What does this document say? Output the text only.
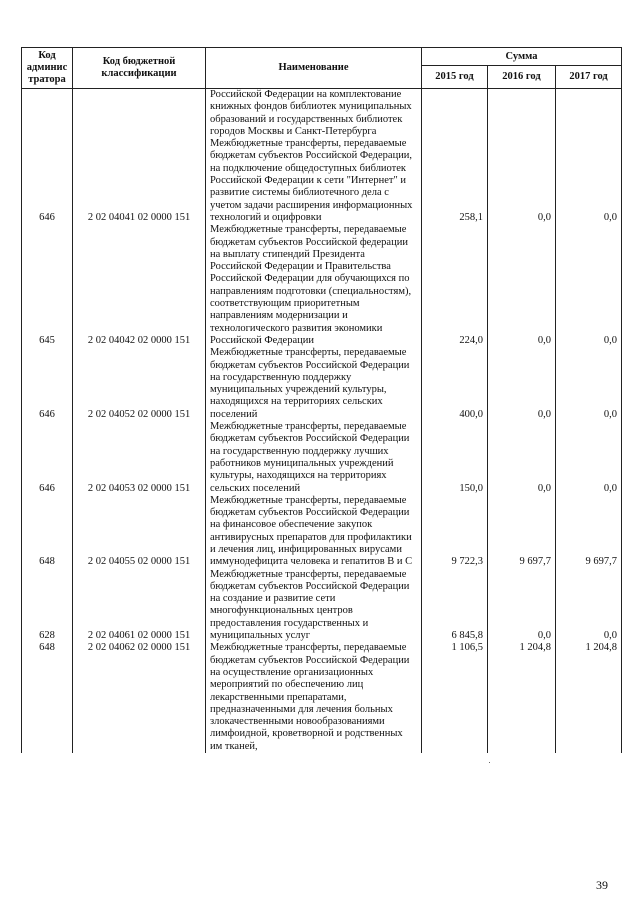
Код админис тратора	Код бюджетной классификации	Наименование	Сумма		
			2015 год	2016 год	2017 год
		Российской Федерации на комплектование книжных фондов библиотек муниципальных образований и государственных библиотек городов Москвы и Санкт-Петербурга			
646	2 02 04041 02 0000 151	Межбюджетные трансферты, передаваемые бюджетам субъектов Российской Федерации, на подключение общедоступных библиотек Российской Федерации к сети "Интернет" и развитие системы библиотечного дела с учетом задачи расширения информационных технологий и оцифровки	258,1	0,0	0,0
645	2 02 04042 02 0000 151	Межбюджетные трансферты, передаваемые бюджетам субъектов Российской федерации на выплату стипендий Президента Российской Федерации и Правительства Российской Федерации для обучающихся по направлениям подготовки (специальностям), соответствующим приоритетным направлениям модернизации и технологического развития экономики Российской Федерации	224,0	0,0	0,0
646	2 02 04052 02 0000 151	Межбюджетные трансферты, передаваемые бюджетам субъектов Российской Федерации на государственную поддержку муниципальных учреждений культуры, находящихся на территориях сельских поселений	400,0	0,0	0,0
646	2 02 04053 02 0000 151	Межбюджетные трансферты, передаваемые бюджетам субъектов Российской Федерации на государственную поддержку лучших работников муниципальных учреждений культуры, находящихся на территориях сельских поселений	150,0	0,0	0,0
648	2 02 04055 02 0000 151	Межбюджетные трансферты, передаваемые бюджетам субъектов Российской Федерации на финансовое обеспечение закупок антивирусных препаратов для профилактики и лечения лиц, инфицированных вирусами иммунодефицита человека и гепатитов В и С	9 722,3	9 697,7	9 697,7
628	2 02 04061 02 0000 151	Межбюджетные трансферты, передаваемые бюджетам субъектов Российской Федерации на создание и развитие сети многофункциональных центров предоставления государственных и муниципальных услуг	6 845,8	0,0	0,0
648	2 02 04062 02 0000 151	Межбюджетные трансферты, передаваемые бюджетам субъектов Российской Федерации на осуществление организационных мероприятий по обеспечению лиц лекарственными препаратами, предназначенными для лечения больных злокачественными новообразованиями лимфоидной, кроветворной и родственных им тканей,	1 106,5	1 204,8	1 204,8
39
